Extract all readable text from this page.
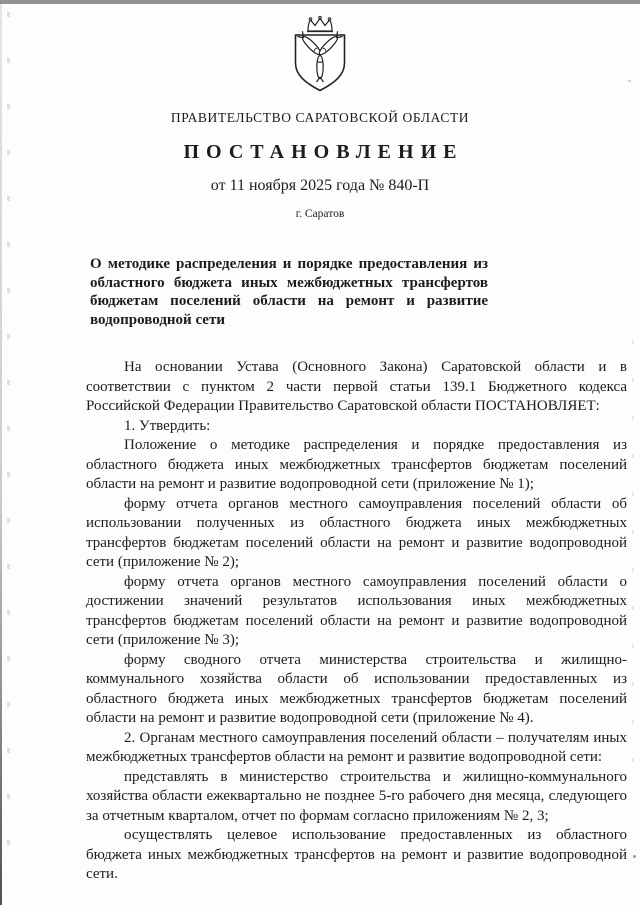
ПРАВИТЕЛЬСТВО САРАТОВСКОЙ ОБЛАСТИ
ПОСТАНОВЛЕНИЕ
от 11 ноября 2025 года № 840-П
г. Саратов
О методике распределения и порядке предоставления из областного бюджета иных межбюджетных трансфертов бюджетам поселений области на ремонт и развитие водопроводной сети

На основании Устава (Основного Закона) Саратовской области и в соответствии с пунктом 2 части первой статьи 139.1 Бюджетного кодекса Российской Федерации Правительство Саратовской области ПОСТАНОВЛЯЕТ:

1. Утвердить:

Положение о методике распределения и порядке предоставления из областного бюджета иных межбюджетных трансфертов бюджетам поселений области на ремонт и развитие водопроводной сети (приложение № 1);

форму отчета органов местного самоуправления поселений области об использовании полученных из областного бюджета иных межбюджетных трансфертов бюджетам поселений области на ремонт и развитие водопроводной сети (приложение № 2);

форму отчета органов местного самоуправления поселений области о достижении значений результатов использования иных межбюджетных трансфертов бюджетам поселений области на ремонт и развитие водопроводной сети (приложение № 3);

форму сводного отчета министерства строительства и жилищно-коммунального хозяйства области об использовании предоставленных из областного бюджета иных межбюджетных трансфертов бюджетам поселений области на ремонт и развитие водопроводной сети (приложение № 4).

2. Органам местного самоуправления поселений области – получателям иных межбюджетных трансфертов области на ремонт и развитие водопроводной сети:

представлять в министерство строительства и жилищно-коммунального хозяйства области ежеквартально не позднее 5-го рабочего дня месяца, следующего за отчетным кварталом, отчет по формам согласно приложениям № 2, 3;

осуществлять целевое использование предоставленных из областного бюджета иных межбюджетных трансфертов на ремонт и развитие водопроводной сети.
